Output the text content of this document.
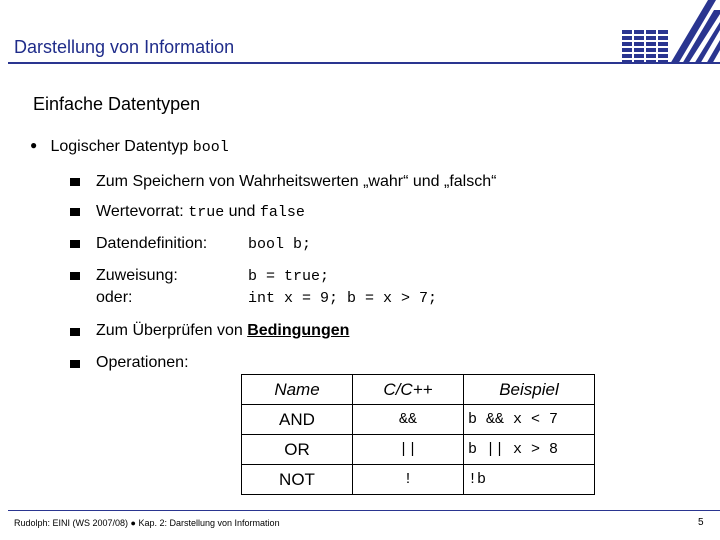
Darstellung von Information
Einfache Datentypen
● Logischer Datentyp bool
Zum Speichern von Wahrheitswerten „wahr“ und „falsch“
Wertevorrat: true und false
Datendefinition:	bool b;
Zuweisung:	b = true;
oder:	int x = 9; b = x > 7;
Zum Überprüfen von Bedingungen
Operationen:
Name	C/C++	Beispiel
AND	&&	b && x < 7
OR	||	b || x > 8
NOT	!	!b
Rudolph: EINI (WS 2007/08) ● Kap. 2: Darstellung von Information	5
